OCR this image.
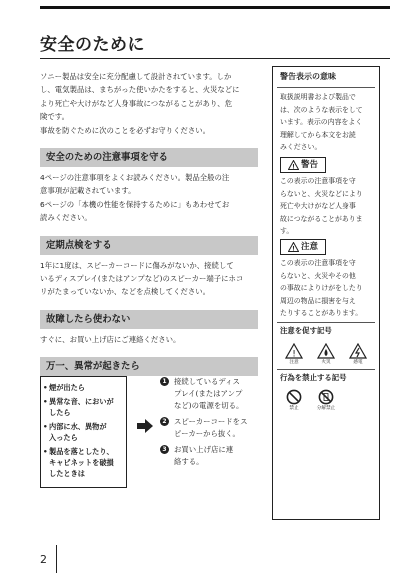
安全のために

ソニー製品は安全に充分配慮して設計されています。しか

し、電気製品は、まちがった使いかたをすると、火災などに

より死亡や大けがなど人身事故につながることがあり、危

険です。

事故を防ぐために次のことを必ずお守りください。

安全のための注意事項を守る

4ページの注意事項をよくお読みください。製品全般の注

意事項が記載されています。

6ページの「本機の性能を保持するために」もあわせてお

読みください。

定期点検をする

1年に1度は、スピーカーコードに傷みがないか、接続して

いるディスプレイ(またはアンプなど)のスピーカー端子にホコ

リがたまっていないか、などを点検してください。

故障したら使わない

すぐに、お買い上げ店にご連絡ください。

万一、異常が起きたら
• 煙が出たら
• 異常な音、においが
したら
• 内部に水、異物が
入ったら
• 製品を落としたり、
キャビネットを破損
したときは
1	接続しているディス
プレイ(またはアンプ
など)の電源を切る。
2	スピーカーコードをス
ピーカーから抜く。
3	お買い上げ店に連
絡する。
警告表示の意味
取扱説明書および製品で
は、次のような表示をして
います。表示の内容をよく
理解してから本文をお読
みください。
! 警告
この表示の注意事項を守
らないと、火災などにより
死亡や大けがなど人身事
故につながることがありま
す。
! 注意
この表示の注意事項を守
らないと、火災やその他
の事故によりけがをしたり
周辺の物品に損害を与え
たりすることがあります。
注意を促す記号
!
注意	火災	感電
行為を禁止する記号
禁止	分解禁止
2
